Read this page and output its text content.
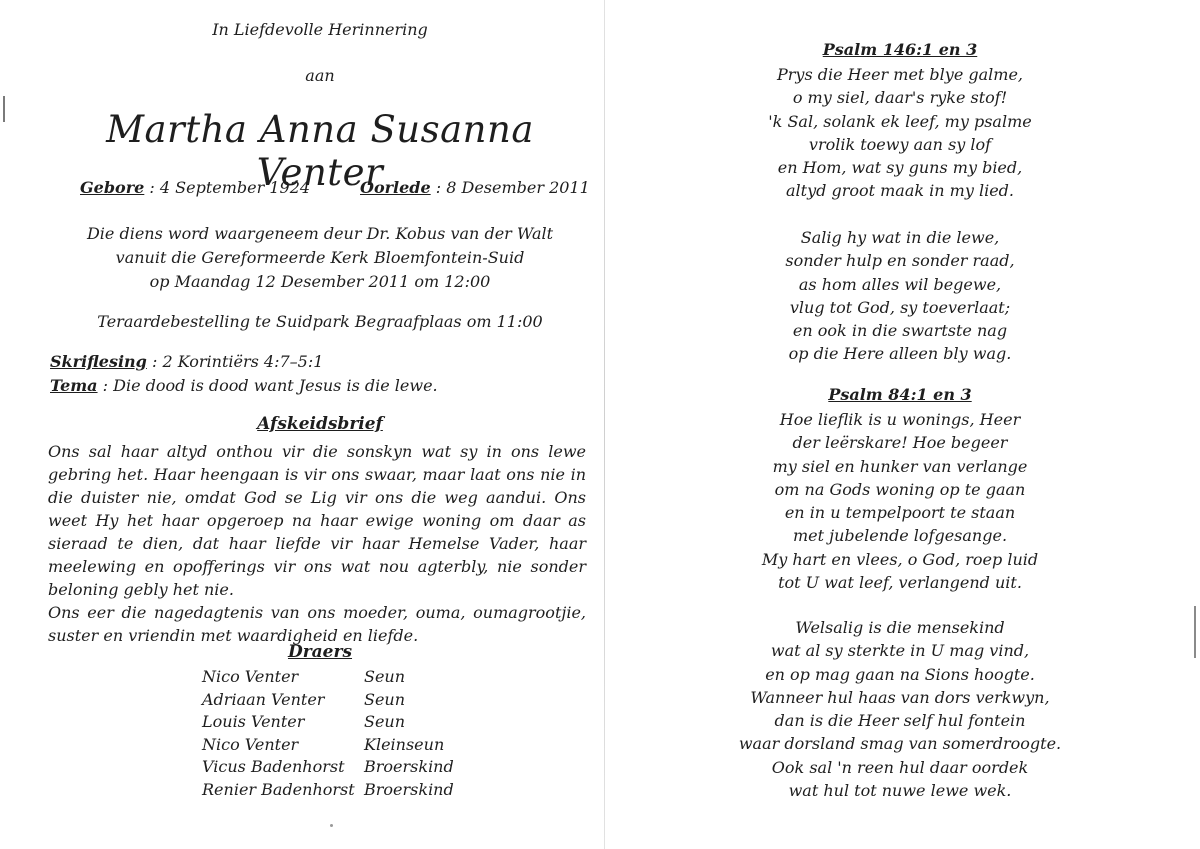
In Liefdevolle Herinnering
aan
Martha Anna Susanna Venter
Gebore : 4 September 1924	Oorlede : 8 Desember 2011
Die diens word waargeneem deur Dr. Kobus van der Walt
vanuit die Gereformeerde Kerk Bloemfontein-Suid
op Maandag 12 Desember 2011 om 12:00
Teraardebestelling te Suidpark Begraafplaas om 11:00
Skriflesing : 2 Korintiërs 4:7–5:1
Tema : Die dood is dood want Jesus is die lewe.
Afskeidsbrief

Ons sal haar altyd onthou vir die sonskyn wat sy in ons lewe gebring het. Haar heengaan is vir ons swaar, maar laat ons nie in die duister nie, omdat God se Lig vir ons die weg aandui. Ons weet Hy het haar opgeroep na haar ewige woning om daar as sieraad te dien, dat haar liefde vir haar Hemelse Vader, haar meelewing en opofferings vir ons wat nou agterbly, nie sonder beloning gebly het nie.

Ons eer die nagedagtenis van ons moeder, ouma, oumagrootjie, suster en vriendin met waardigheid en liefde.

Draers
Nico Venter	Seun
Adriaan Venter Seun
Louis Venter	Seun
Nico Venter	Kleinseun
Vicus Badenhorst Broerskind
Renier Badenhorst Broerskind
Psalm 146:1 en 3
Prys die Heer met blye galme,
o my siel, daar's ryke stof!
'k Sal, solank ek leef, my psalme
vrolik toewy aan sy lof
en Hom, wat sy guns my bied,
altyd groot maak in my lied.
Salig hy wat in die lewe,
sonder hulp en sonder raad,
as hom alles wil begewe,
vlug tot God, sy toeverlaat;
en ook in die swartste nag
op die Here alleen bly wag.
Psalm 84:1 en 3
Hoe lieflik is u wonings, Heer
der leërskare! Hoe begeer
my siel en hunker van verlange
om na Gods woning op te gaan
en in u tempelpoort te staan
met jubelende lofgesange.
My hart en vlees, o God, roep luid
tot U wat leef, verlangend uit.
Welsalig is die mensekind
wat al sy sterkte in U mag vind,
en op mag gaan na Sions hoogte.
Wanneer hul haas van dors verkwyn,
dan is die Heer self hul fontein
waar dorsland smag van somerdroogte.
Ook sal 'n reen hul daar oordek
wat hul tot nuwe lewe wek.
